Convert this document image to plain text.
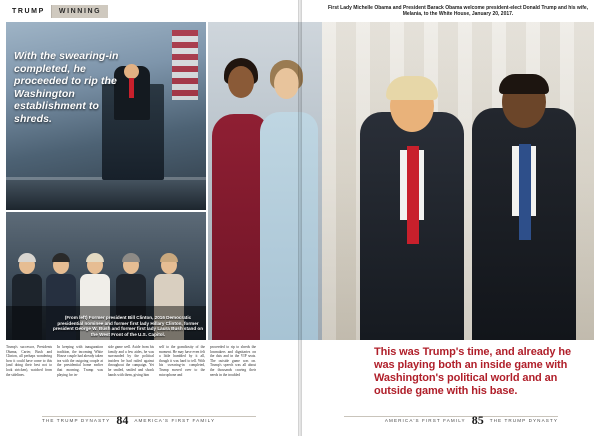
TRUMP	WINNING
With the swearing-in completed, he proceeded to rip the Washington establishment to shreds.
(From left) Former president Bill Clinton, 2016 Democratic presidential nominee and former first lady Hillary Clinton, former president George W. Bush and former first lady Laura Bush stand on the West Front of the U.S. Capitol.
First Lady Michelle Obama and President Barack Obama welcome president-elect Donald Trump and his wife, Melania, to the White House, January 20, 2017.
Trump's successor, Presidents Obama, Carter, Bush and Clinton, all perhaps wondering how it could have come to this (and doing their best not to look stricken), watched from the sidelines.
In keeping with inauguration tradition, the incoming White House couple had already taken tea with the outgoing couple at the presidential home earlier that morning. Trump was playing for in-
side game well. Aside from his family and a few aides, he was surrounded by the political insiders he had railed against throughout the campaign. Yet he smiled, smiled and shook hands with them, giving him
self to the grandiosity of the moment. He may have even felt a little humbled by it all, though it was hard to tell. With his swearing-in completed, Trump moved over to the microphone and
proceeded to rip to shreds the lawmakers and dignitaries on the dais and in the VIP seats. The outside game was on. Trump's speech was all about the thousands craving their needs in the troubled
This was Trump's time, and already he was playing both an inside game with Washington's political world and an outside game with his base.
THE TRUMP DYNASTY 84 AMERICA'S FIRST FAMILY	AMERICA'S FIRST FAMILY 85 THE TRUMP DYNASTY
